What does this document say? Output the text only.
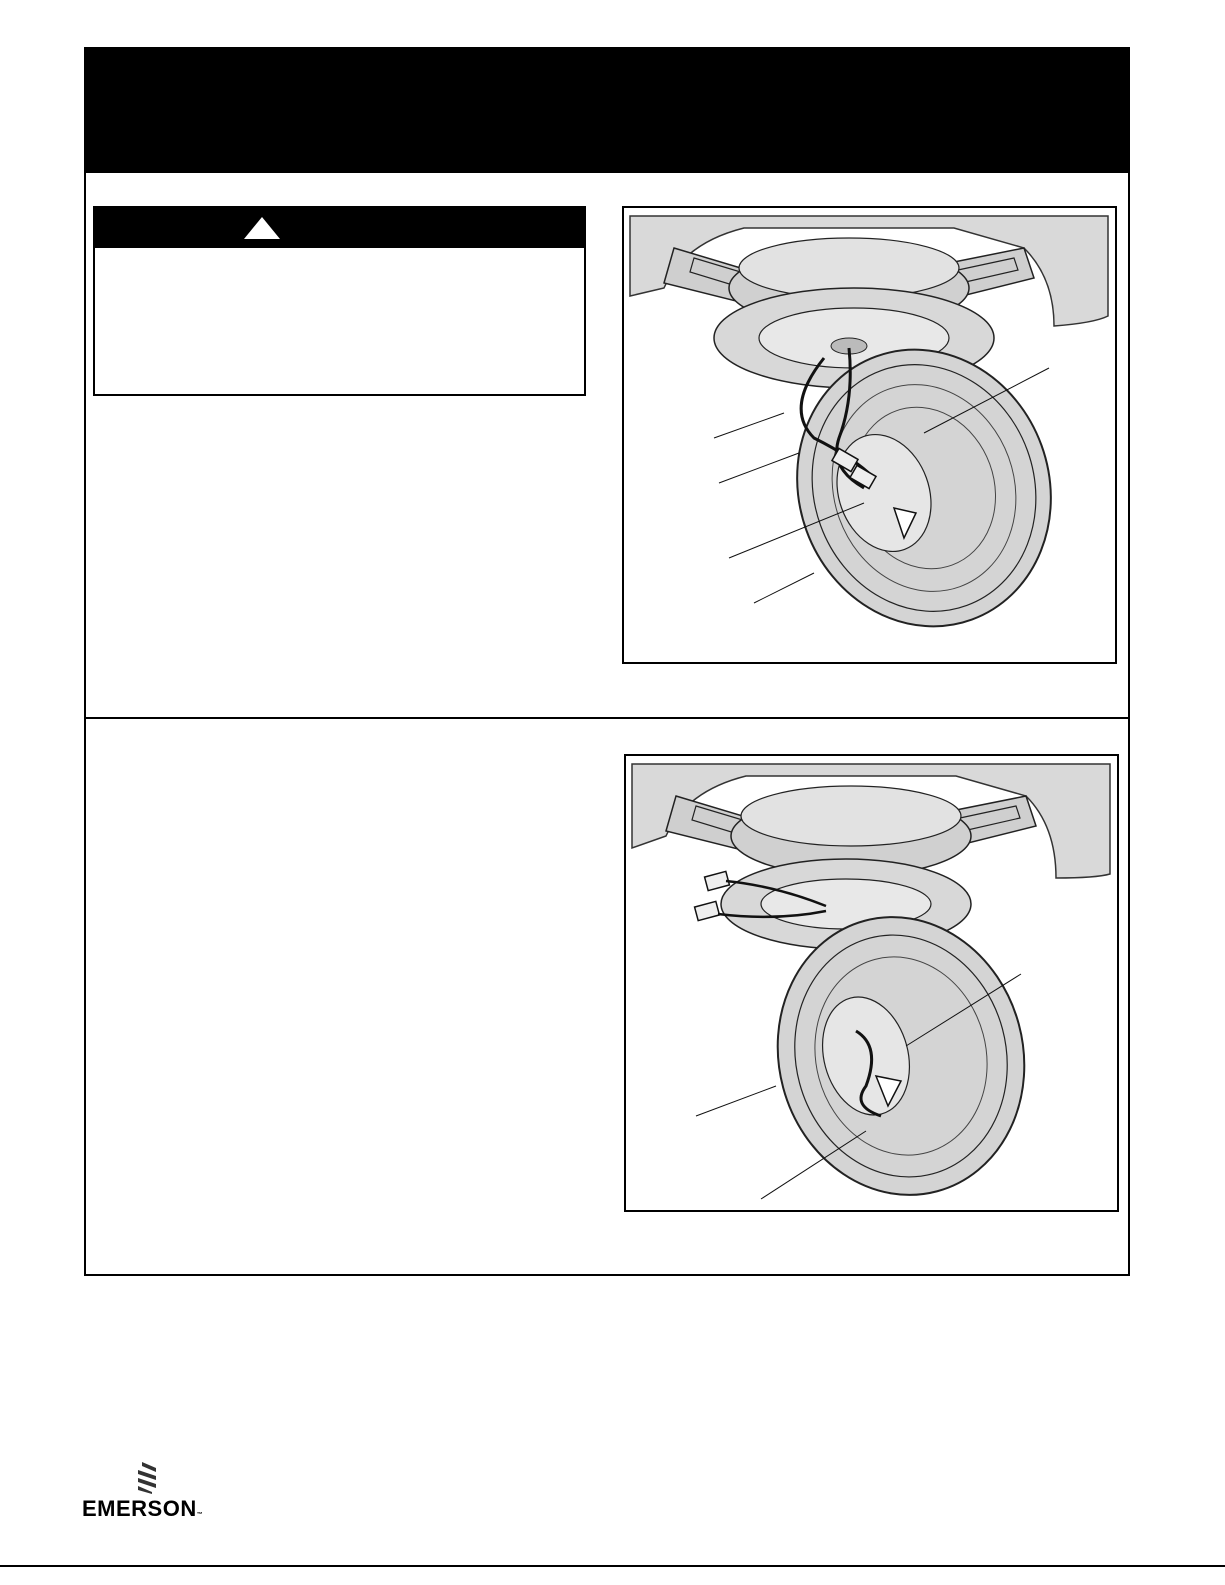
EMERSON™
